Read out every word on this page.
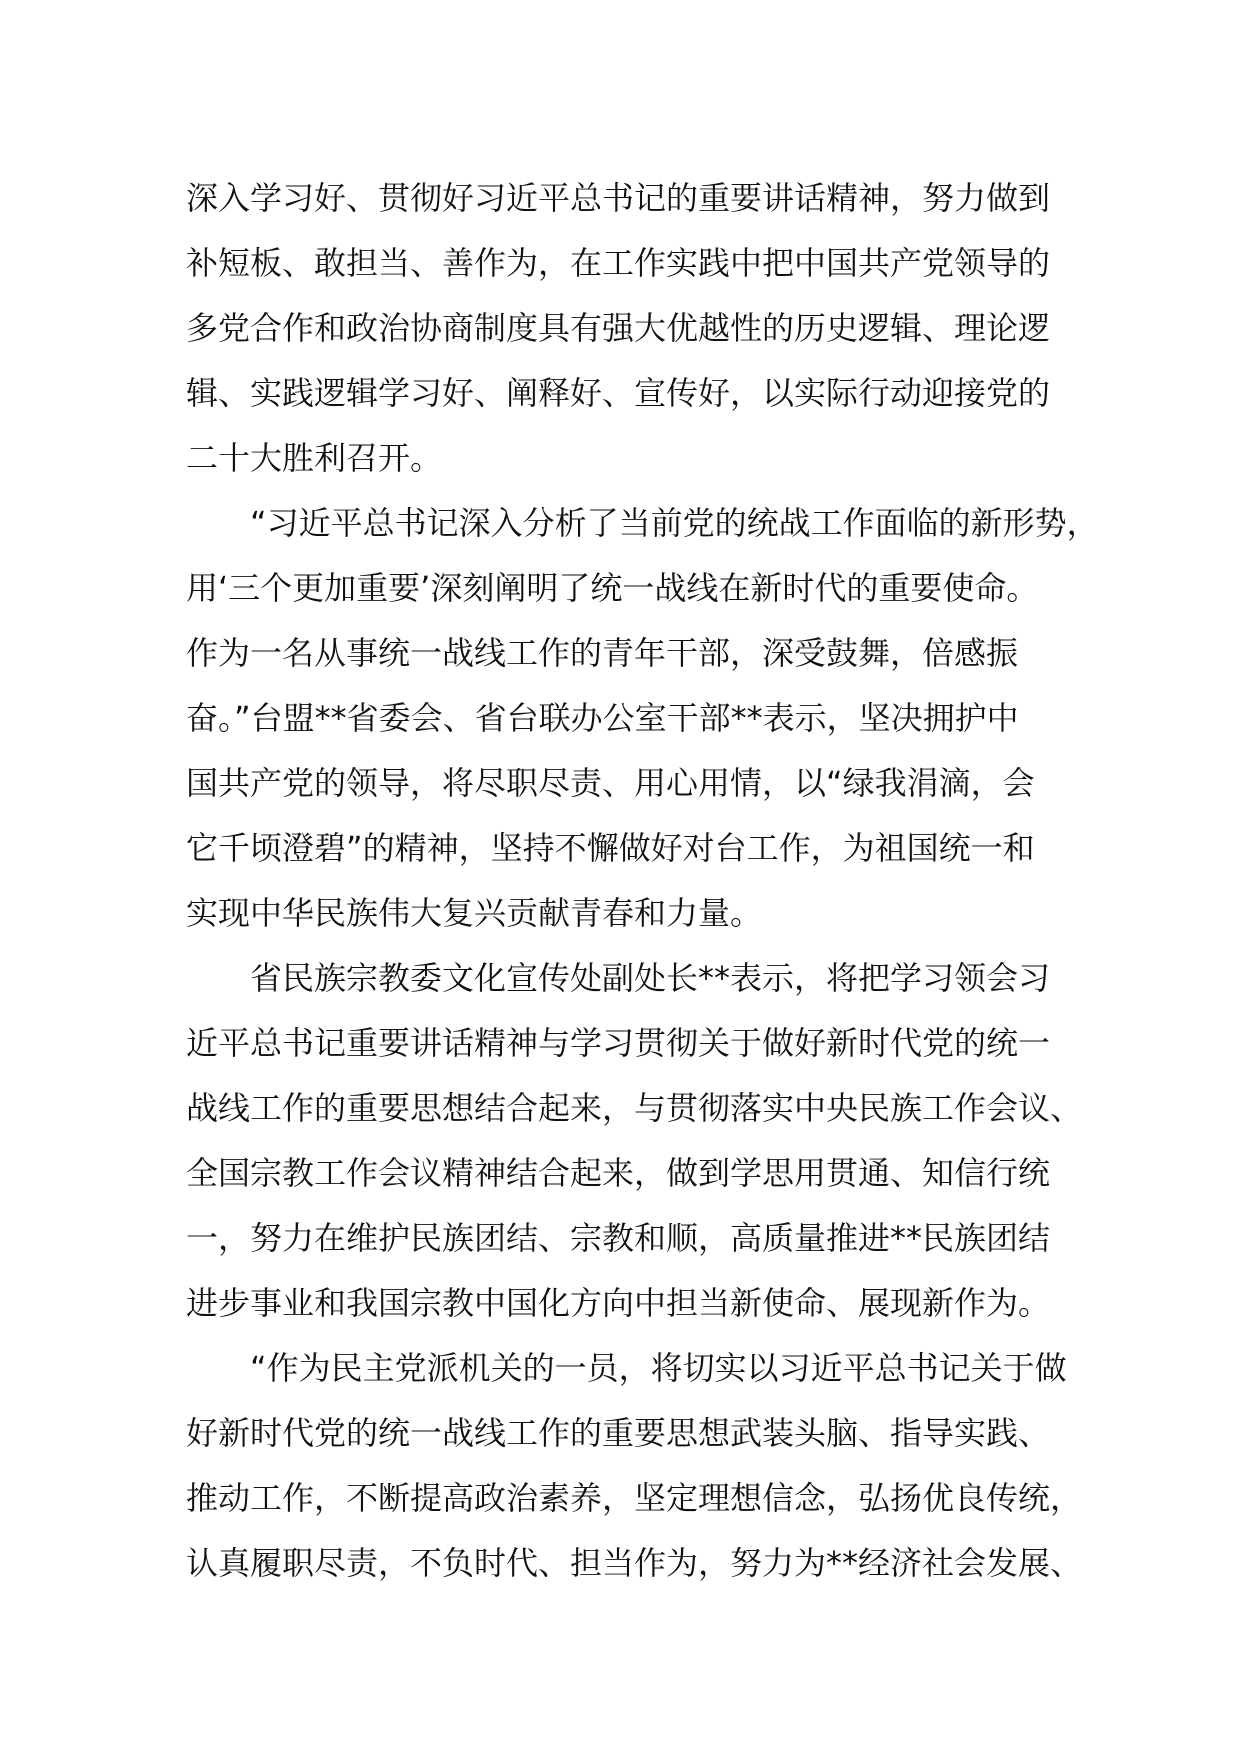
深入学习好、贯彻好习近平总书记的重要讲话精神，努力做到
补短板、敢担当、善作为，在工作实践中把中国共产党领导的
多党合作和政治协商制度具有强大优越性的历史逻辑、理论逻
辑、实践逻辑学习好、阐释好、宣传好，以实际行动迎接党的
二十大胜利召开。
“习近平总书记深入分析了当前党的统战工作面临的新形势，
用‘三个更加重要’深刻阐明了统一战线在新时代的重要使命。
作为一名从事统一战线工作的青年干部，深受鼓舞，倍感振
奋。”台盟**省委会、省台联办公室干部**表示，坚决拥护中
国共产党的领导，将尽职尽责、用心用情，以“绿我涓滴，会
它千顷澄碧”的精神，坚持不懈做好对台工作，为祖国统一和
实现中华民族伟大复兴贡献青春和力量。
省民族宗教委文化宣传处副处长**表示，将把学习领会习
近平总书记重要讲话精神与学习贯彻关于做好新时代党的统一
战线工作的重要思想结合起来，与贯彻落实中央民族工作会议、
全国宗教工作会议精神结合起来，做到学思用贯通、知信行统
一，努力在维护民族团结、宗教和顺，高质量推进**民族团结
进步事业和我国宗教中国化方向中担当新使命、展现新作为。
“作为民主党派机关的一员，将切实以习近平总书记关于做
好新时代党的统一战线工作的重要思想武装头脑、指导实践、
推动工作，不断提高政治素养，坚定理想信念，弘扬优良传统，
认真履职尽责，不负时代、担当作为，努力为**经济社会发展、
